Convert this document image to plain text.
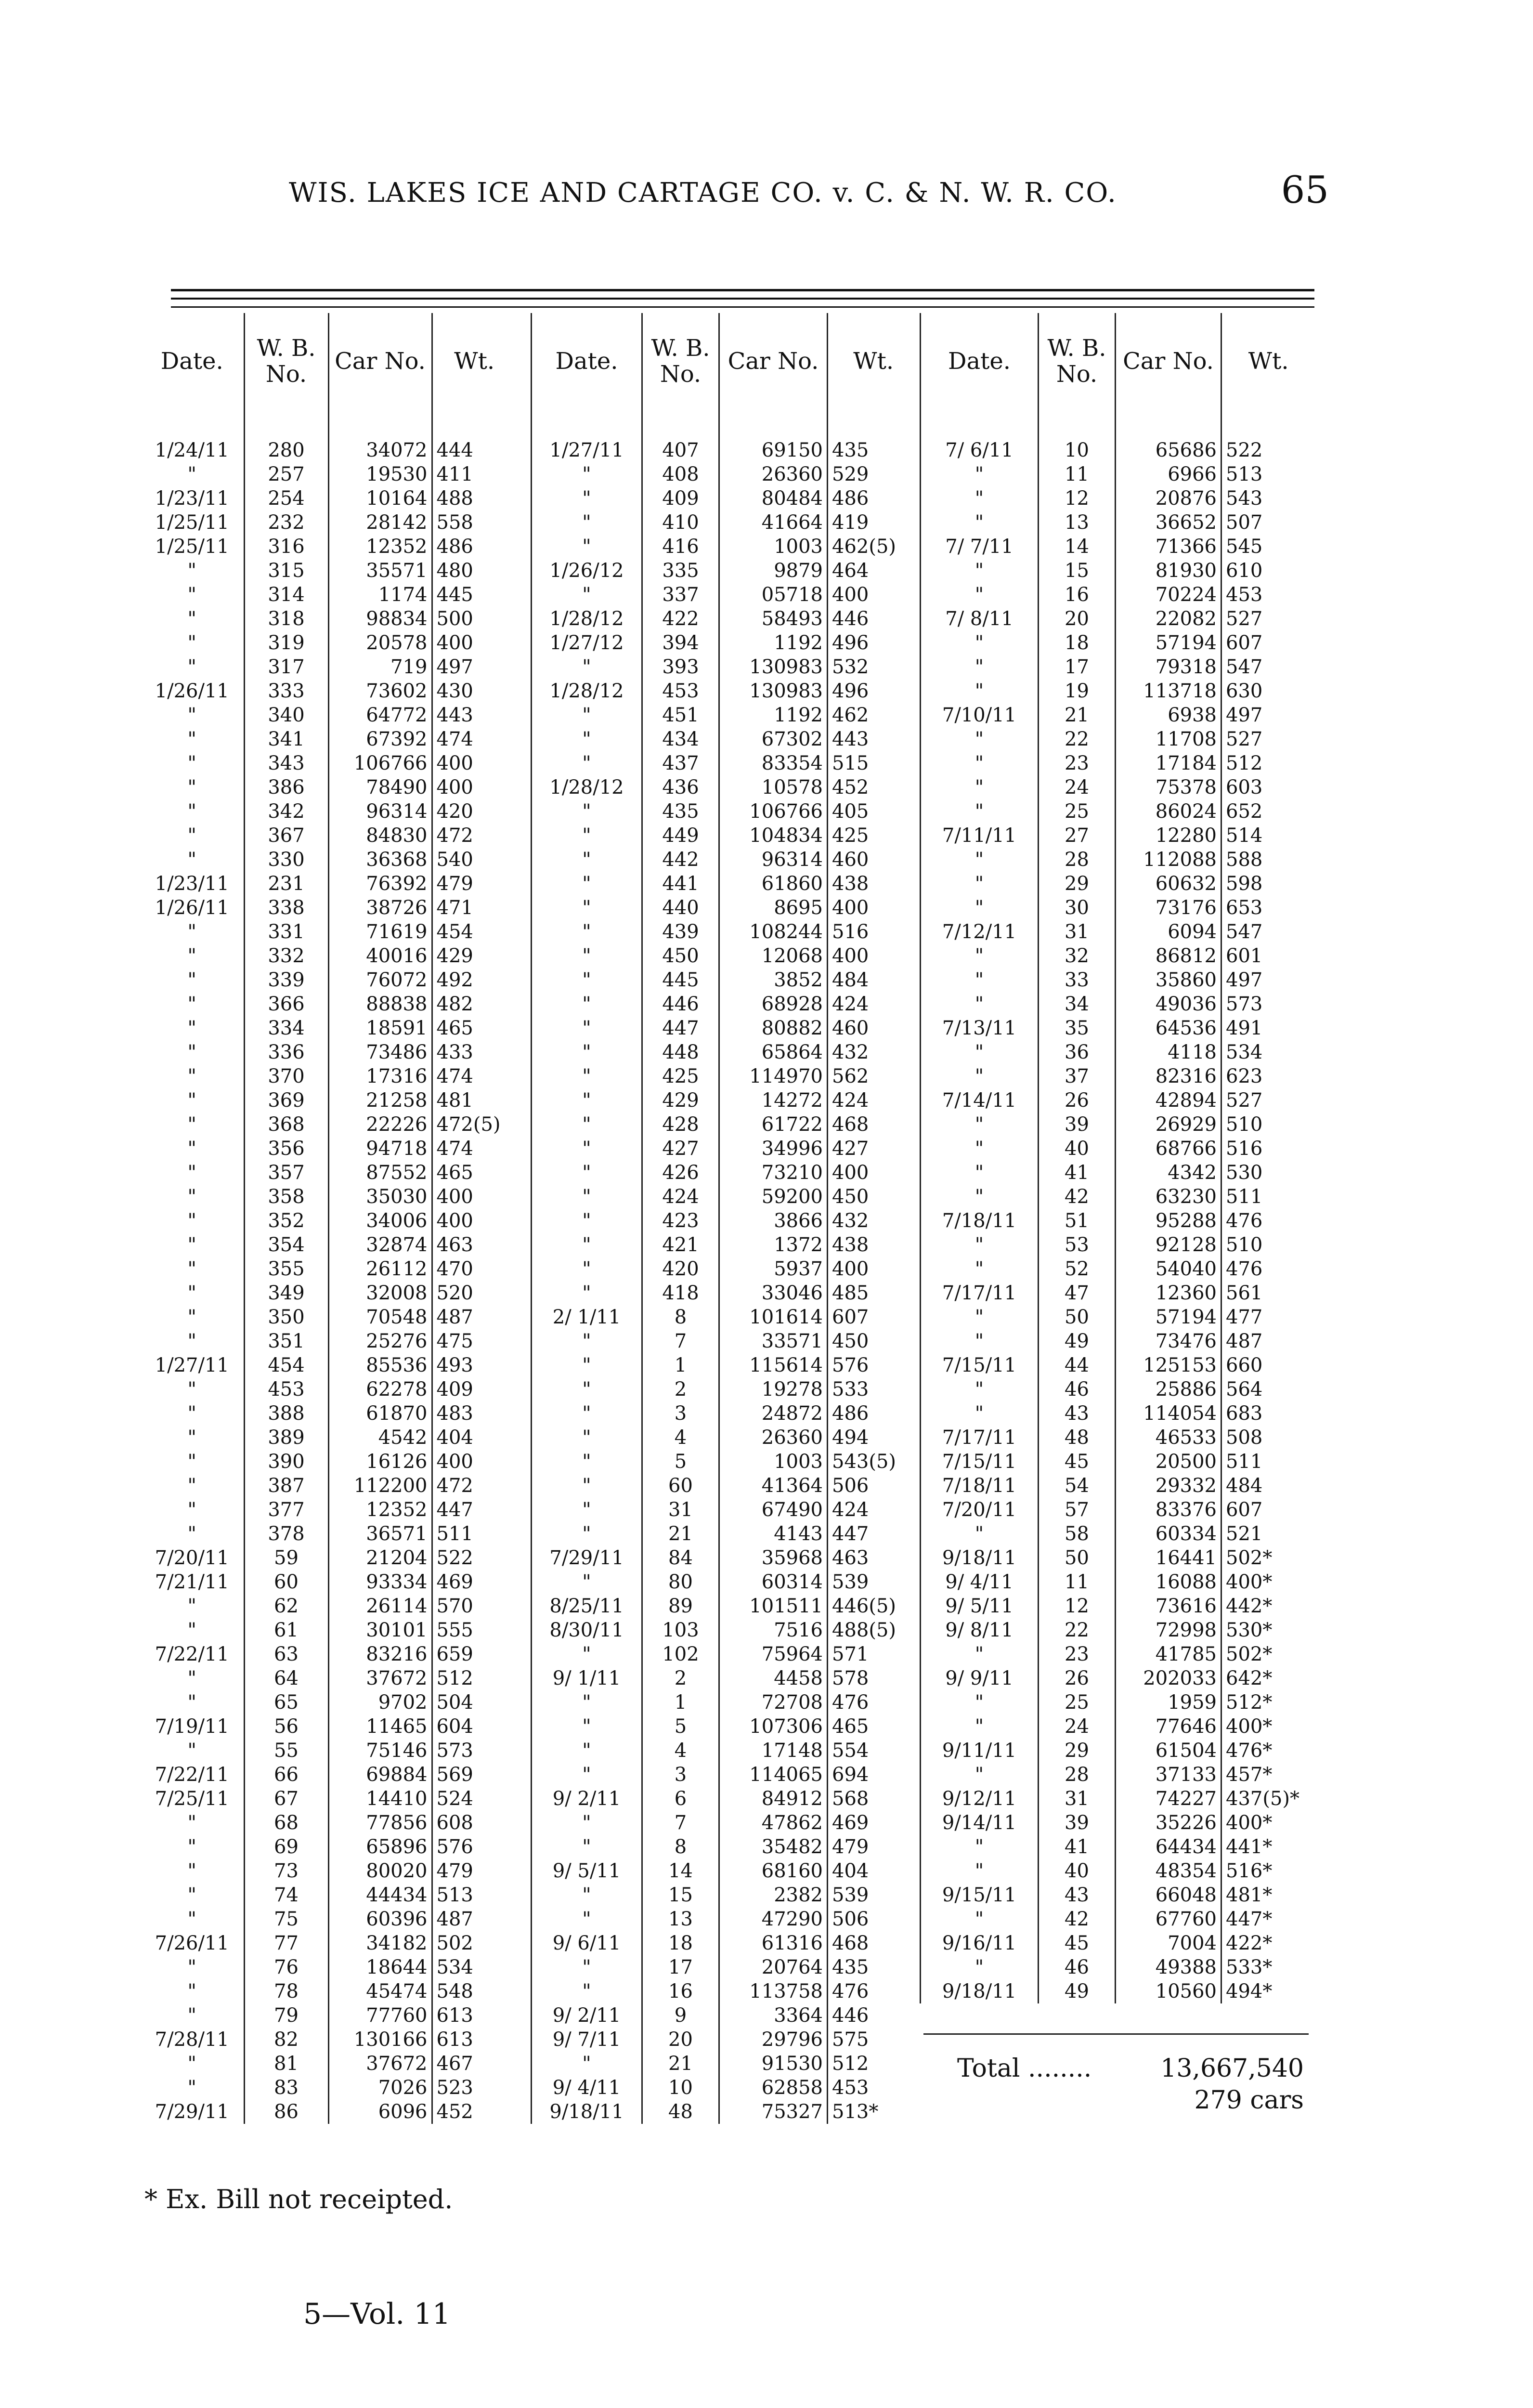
WIS. LAKES ICE AND CARTAGE CO. v. C. & N. W. R. CO.	65
Date.	W. B. No.	Car No.	Wt.

1/24/11	280	34072	444
"	257	19530	411
1/23/11	254	10164	488
1/25/11	232	28142	558
1/25/11	316	12352	486
"	315	35571	480
"	314	1174	445
"	318	98834	500
"	319	20578	400
"	317	719	497
1/26/11	333	73602	430
"	340	64772	443
"	341	67392	474
"	343	106766	400
"	386	78490	400
"	342	96314	420
"	367	84830	472
"	330	36368	540
1/23/11	231	76392	479
1/26/11	338	38726	471
"	331	71619	454
"	332	40016	429
"	339	76072	492
"	366	88838	482
"	334	18591	465
"	336	73486	433
"	370	17316	474
"	369	21258	481
"	368	22226	472(5)
"	356	94718	474
"	357	87552	465
"	358	35030	400
"	352	34006	400
"	354	32874	463
"	355	26112	470
"	349	32008	520
"	350	70548	487
"	351	25276	475
1/27/11	454	85536	493
"	453	62278	409
"	388	61870	483
"	389	4542	404
"	390	16126	400
"	387	112200	472
"	377	12352	447
"	378	36571	511
7/20/11	59	21204	522
7/21/11	60	93334	469
"	62	26114	570
"	61	30101	555
7/22/11	63	83216	659
"	64	37672	512
"	65	9702	504
7/19/11	56	11465	604
"	55	75146	573
7/22/11	66	69884	569
7/25/11	67	14410	524
"	68	77856	608
"	69	65896	576
"	73	80020	479
"	74	44434	513
"	75	60396	487
7/26/11	77	34182	502
"	76	18644	534
"	78	45474	548
"	79	77760	613
7/28/11	82	130166	613
"	81	37672	467
"	83	7026	523
7/29/11	86	6096	452
Date.	W. B. No.	Car No.	Wt.

1/27/11	407	69150	435
"	408	26360	529
"	409	80484	486
"	410	41664	419
"	416	1003	462(5)
1/26/12	335	9879	464
"	337	05718	400
1/28/12	422	58493	446
1/27/12	394	1192	496
"	393	130983	532
1/28/12	453	130983	496
"	451	1192	462
"	434	67302	443
"	437	83354	515
1/28/12	436	10578	452
"	435	106766	405
"	449	104834	425
"	442	96314	460
"	441	61860	438
"	440	8695	400
"	439	108244	516
"	450	12068	400
"	445	3852	484
"	446	68928	424
"	447	80882	460
"	448	65864	432
"	425	114970	562
"	429	14272	424
"	428	61722	468
"	427	34996	427
"	426	73210	400
"	424	59200	450
"	423	3866	432
"	421	1372	438
"	420	5937	400
"	418	33046	485
2/ 1/11	8	101614	607
"	7	33571	450
"	1	115614	576
"	2	19278	533
"	3	24872	486
"	4	26360	494
"	5	1003	543(5)
"	60	41364	506
"	31	67490	424
"	21	4143	447
7/29/11	84	35968	463
"	80	60314	539
8/25/11	89	101511	446(5)
8/30/11	103	7516	488(5)
"	102	75964	571
9/ 1/11	2	4458	578
"	1	72708	476
"	5	107306	465
"	4	17148	554
"	3	114065	694
9/ 2/11	6	84912	568
"	7	47862	469
"	8	35482	479
9/ 5/11	14	68160	404
"	15	2382	539
"	13	47290	506
9/ 6/11	18	61316	468
"	17	20764	435
"	16	113758	476
9/ 2/11	9	3364	446
9/ 7/11	20	29796	575
"	21	91530	512
9/ 4/11	10	62858	453
9/18/11	48	75327	513*
Date.	W. B. No.	Car No.	Wt.

7/ 6/11	10	65686	522
"	11	6966	513
"	12	20876	543
"	13	36652	507
7/ 7/11	14	71366	545
"	15	81930	610
"	16	70224	453
7/ 8/11	20	22082	527
"	18	57194	607
"	17	79318	547
"	19	113718	630
7/10/11	21	6938	497
"	22	11708	527
"	23	17184	512
"	24	75378	603
"	25	86024	652
7/11/11	27	12280	514
"	28	112088	588
"	29	60632	598
"	30	73176	653
7/12/11	31	6094	547
"	32	86812	601
"	33	35860	497
"	34	49036	573
7/13/11	35	64536	491
"	36	4118	534
"	37	82316	623
7/14/11	26	42894	527
"	39	26929	510
"	40	68766	516
"	41	4342	530
"	42	63230	511
7/18/11	51	95288	476
"	53	92128	510
"	52	54040	476
7/17/11	47	12360	561
"	50	57194	477
"	49	73476	487
7/15/11	44	125153	660
"	46	25886	564
"	43	114054	683
7/17/11	48	46533	508
7/15/11	45	20500	511
7/18/11	54	29332	484
7/20/11	57	83376	607
"	58	60334	521
9/18/11	50	16441	502*
9/ 4/11	11	16088	400*
9/ 5/11	12	73616	442*
9/ 8/11	22	72998	530*
"	23	41785	502*
9/ 9/11	26	202033	642*
"	25	1959	512*
"	24	77646	400*
9/11/11	29	61504	476*
"	28	37133	457*
9/12/11	31	74227	437(5)*
9/14/11	39	35226	400*
"	41	64434	441*
"	40	48354	516*
9/15/11	43	66048	481*
"	42	67760	447*
9/16/11	45	7004	422*
"	46	49388	533*
9/18/11	49	10560	494*
Total ........	13,667,540
279 cars
* Ex. Bill not receipted.
5—Vol. 11
